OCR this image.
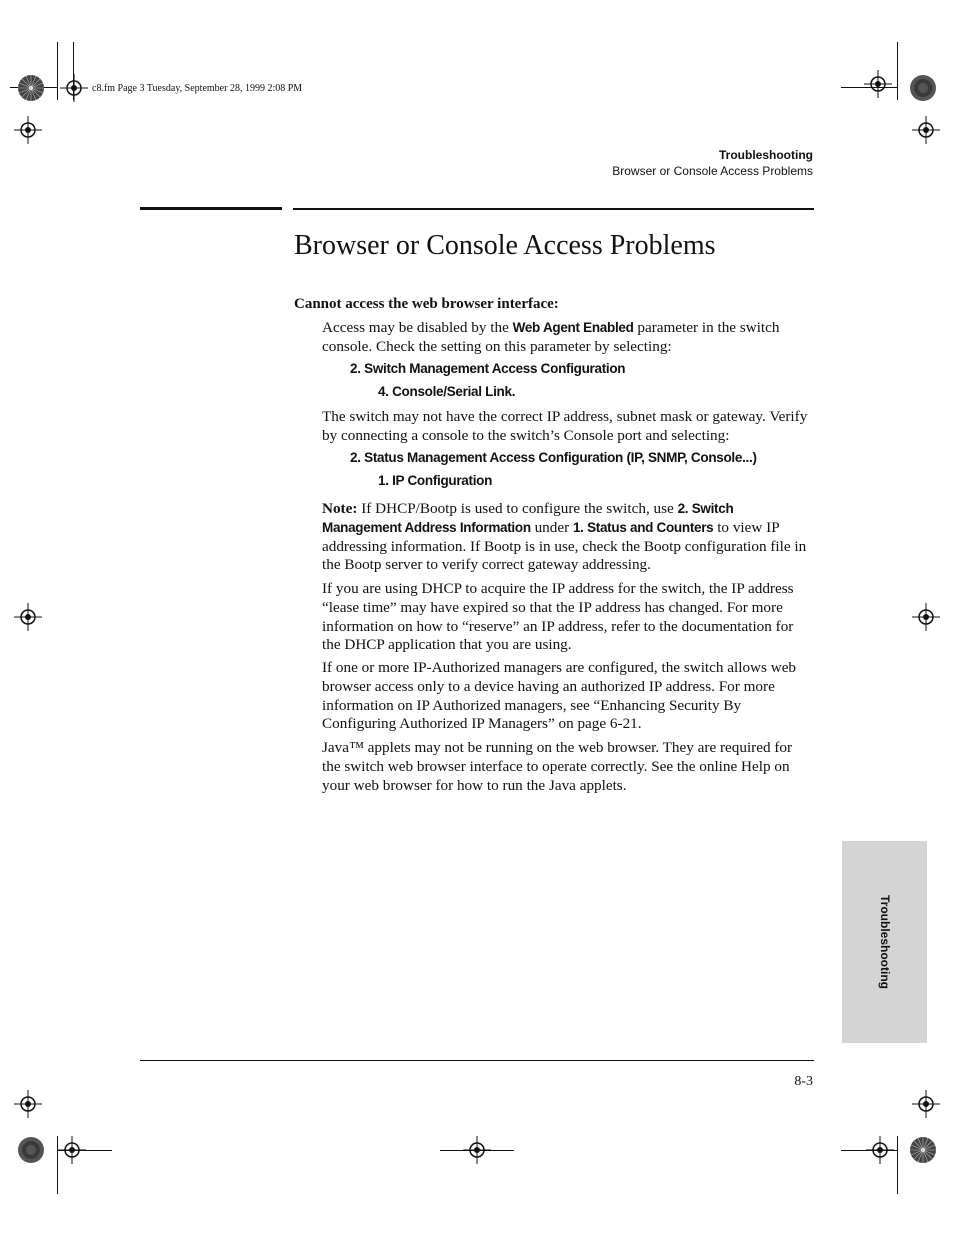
c8.fm Page 3 Tuesday, September 28, 1999 2:08 PM
Troubleshooting
Browser or Console Access Problems
Browser or Console Access Problems
Cannot access the web browser interface:
Access may be disabled by the Web Agent Enabled parameter in the switch console. Check the setting on this parameter by selecting:
2. Switch Management Access Configuration
4. Console/Serial Link.
The switch may not have the correct IP address, subnet mask or gateway. Verify by connecting a console to the switch’s Console port and selecting:
2. Status Management Access Configuration (IP, SNMP, Console...)
1. IP Configuration
Note: If DHCP/Bootp is used to configure the switch, use 2. Switch Management Address Information under 1. Status and Counters to view IP addressing information. If Bootp is in use, check the Bootp configuration file in the Bootp server to verify correct gateway addressing.
If you are using DHCP to acquire the IP address for the switch, the IP address “lease time” may have expired so that the IP address has changed. For more information on how to “reserve” an IP address, refer to the documentation for the DHCP application that you are using.
If one or more IP-Authorized managers are configured, the switch allows web browser access only to a device having an authorized IP address. For more information on IP Authorized managers, see “Enhancing Security By Configuring Authorized IP Managers” on page 6-21.
Java™ applets may not be running on the web browser. They are required for the switch web browser interface to operate correctly. See the online Help on your web browser for how to run the Java applets.
Troubleshooting
8-3
